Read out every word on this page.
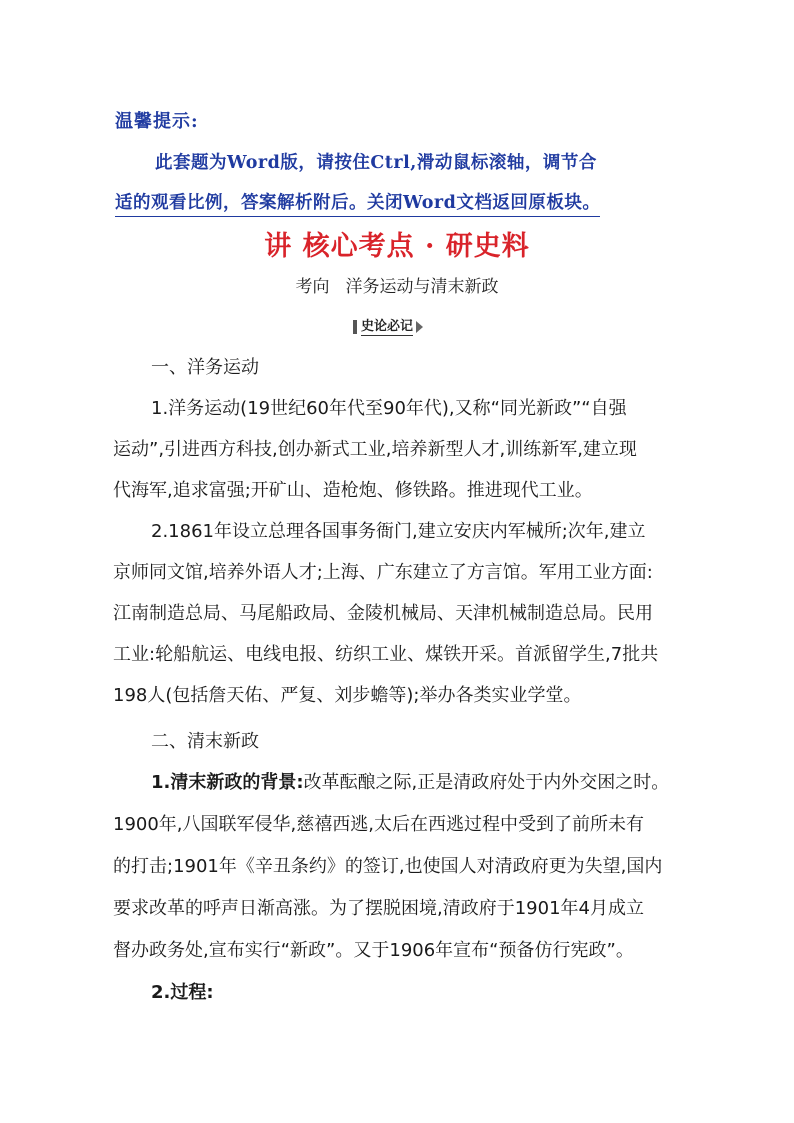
温馨提示:
此套题为Word版，请按住Ctrl,滑动鼠标滚轴，调节合
适的观看比例，答案解析附后。关闭Word文档返回原板块。
讲 核心考点 · 研史料
考向 洋务运动与清末新政
史论必记
一、洋务运动
1.洋务运动(19世纪60年代至90年代),又称“同光新政”“自强
运动”,引进西方科技,创办新式工业,培养新型人才,训练新军,建立现
代海军,追求富强;开矿山、造枪炮、修铁路。推进现代工业。
2.1861年设立总理各国事务衙门,建立安庆内军械所;次年,建立
京师同文馆,培养外语人才;上海、广东建立了方言馆。军用工业方面:
江南制造总局、马尾船政局、金陵机械局、天津机械制造总局。民用
工业:轮船航运、电线电报、纺织工业、煤铁开采。首派留学生,7批共
198人(包括詹天佑、严复、刘步蟾等);举办各类实业学堂。
二、清末新政
1.清末新政的背景:改革酝酿之际,正是清政府处于内外交困之时。
1900年,八国联军侵华,慈禧西逃,太后在西逃过程中受到了前所未有
的打击;1901年《辛丑条约》的签订,也使国人对清政府更为失望,国内
要求改革的呼声日渐高涨。为了摆脱困境,清政府于1901年4月成立
督办政务处,宣布实行“新政”。又于1906年宣布“预备仿行宪政”。
2.过程:
